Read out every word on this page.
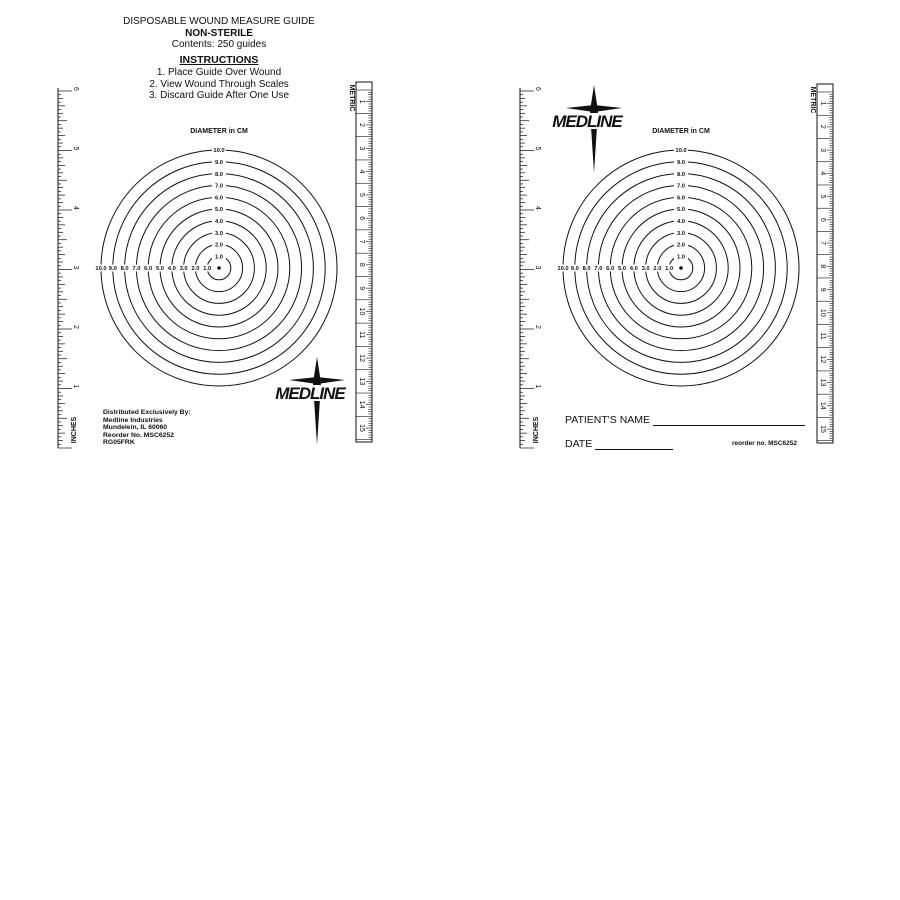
DISPOSABLE WOUND MEASURE GUIDE
NON-STERILE
Contents: 250 guides
INSTRUCTIONS
1. Place Guide Over Wound
2. View Wound Through Scales
3. Discard Guide After One Use
Distributed Exclusively By:
Medline Industries
Mundelein, IL 60060
Reorder No. MSC6252
RG05FRK
PATIENT'S NAME
DATE	reorder no. MSC6252
1
2
3
4
5
6
INCHES
1
2
3
4
5
6
7
8
9
10
11
12
13
14
15
METRIC
DIAMETER in CM
1.0
1.0
2.0
2.0
3.0
3.0
4.0
4.0
5.0
5.0
6.0
6.0
7.0
7.0
8.0
8.0
9.0
9.0
10.0
10.0
MEDLINE	1
2
3
4
5
6
INCHES
1
2
3
4
5
6
7
8
9
10
11
12
13
14
15
METRIC
DIAMETER in CM
1.0
1.0
2.0
2.0
3.0
3.0
4.0
4.0
5.0
5.0
6.0
6.0
7.0
7.0
8.0
8.0
9.0
9.0
10.0
10.0
MEDLINE
